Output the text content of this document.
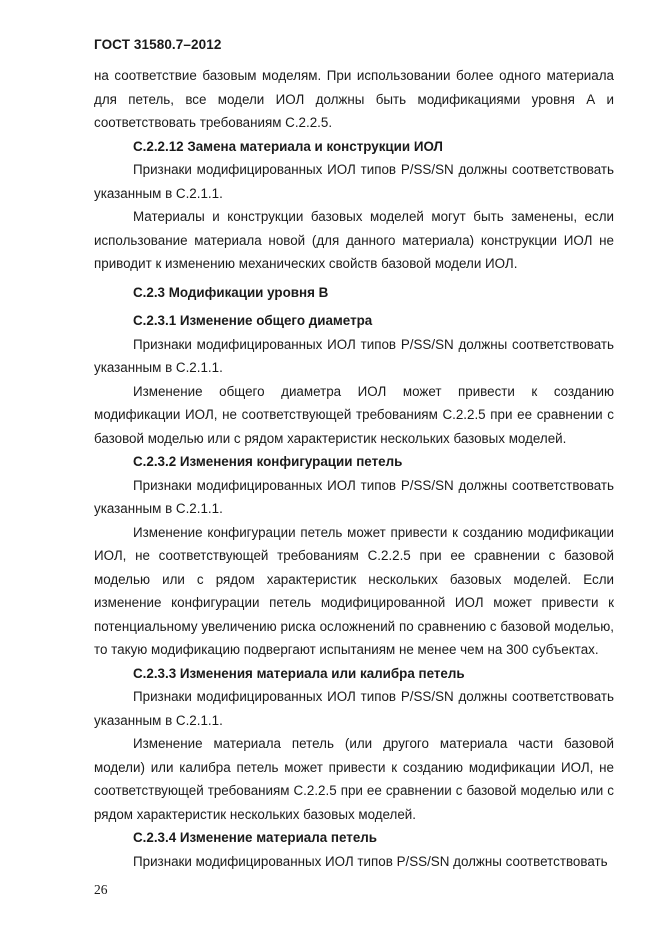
ГОСТ 31580.7–2012

на соответствие базовым моделям. При использовании более одного материала для петель, все модели ИОЛ должны быть модификациями уровня А и соответствовать требованиям С.2.2.5.

С.2.2.12 Замена материала и конструкции ИОЛ

Признаки модифицированных ИОЛ типов P/SS/SN должны соответствовать указанным в С.2.1.1.

Материалы и конструкции базовых моделей могут быть заменены, если использование материала новой (для данного материала) конструкции ИОЛ не приводит к изменению механических свойств базовой модели ИОЛ.

С.2.3 Модификации уровня В

С.2.3.1 Изменение общего диаметра

Признаки модифицированных ИОЛ типов P/SS/SN должны соответствовать указанным в С.2.1.1.

Изменение общего диаметра ИОЛ может привести к созданию модификации ИОЛ, не соответствующей требованиям С.2.2.5 при ее сравнении с базовой моделью или с рядом характеристик нескольких базовых моделей.

С.2.3.2 Изменения конфигурации петель

Признаки модифицированных ИОЛ типов P/SS/SN должны соответствовать указанным в С.2.1.1.

Изменение конфигурации петель может привести к созданию модификации ИОЛ, не соответствующей требованиям С.2.2.5 при ее сравнении с базовой моделью или с рядом характеристик нескольких базовых моделей. Если изменение конфигурации петель модифицированной ИОЛ может привести к потенциальному увеличению риска осложнений по сравнению с базовой моделью, то такую модификацию подвергают испытаниям не менее чем на 300 субъектах.

С.2.3.3 Изменения материала или калибра петель

Признаки модифицированных ИОЛ типов P/SS/SN должны соответствовать указанным в С.2.1.1.

Изменение материала петель (или другого материала части базовой модели) или калибра петель может привести к созданию модификации ИОЛ, не соответствующей требованиям С.2.2.5 при ее сравнении с базовой моделью или с рядом характеристик нескольких базовых моделей.

С.2.3.4 Изменение материала петель

Признаки модифицированных ИОЛ типов P/SS/SN должны соответствовать

26
